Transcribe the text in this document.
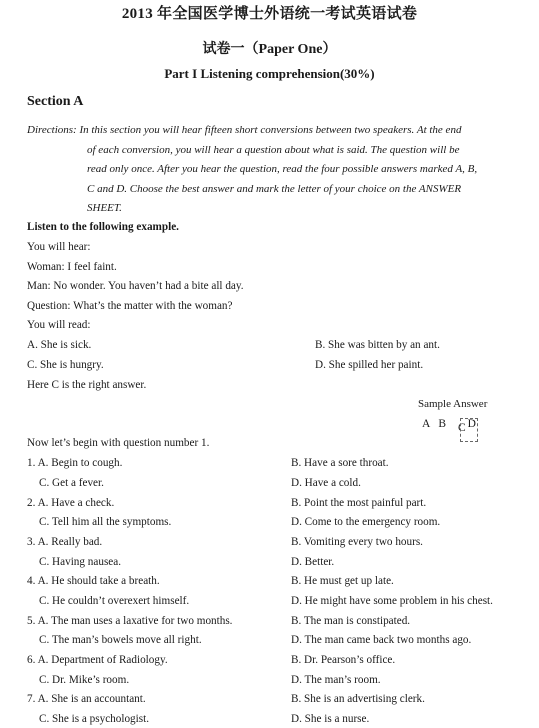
2013 年全国医学博士外语统一考试英语试卷
试卷一（Paper One）
Part I Listening comprehension(30%)
Section A
Directions: In this section you will hear fifteen short conversions between two speakers. At the end
of each conversion, you will hear a question about what is said. The question will be
read only once. After you hear the question, read the four possible answers marked A, B,
C and D. Choose the best answer and mark the letter of your choice on the ANSWER
SHEET.
Listen to the following example.
You will hear:
Woman: I feel faint.
Man: No wonder. You haven’t had a bite all day.
Question: What’s the matter with the woman?
You will read:
A. She is sick.	B. She was bitten by an ant.
C. She is hungry.	D. She spilled her paint.
Here C is the right answer.
Sample Answer
A B C D
Now let’s begin with question number 1.
1. A. Begin to cough.	B. Have a sore throat.
C. Get a fever.	D. Have a cold.
2. A. Have a check.	B. Point the most painful part.
C. Tell him all the symptoms.	D. Come to the emergency room.
3. A. Really bad.	B. Vomiting every two hours.
C. Having nausea.	D. Better.
4. A. He should take a breath.	B. He must get up late.
C. He couldn’t overexert himself.	D. He might have some problem in his chest.
5. A. The man uses a laxative for two months.	B. The man is constipated.
C. The man’s bowels move all right.	D. The man came back two months ago.
6. A. Department of Radiology.	B. Dr. Pearson’s office.
C. Dr. Mike’s room.	D. The man’s room.
7. A. She is an accountant.	B. She is an advertising clerk.
C. She is a psychologist.	D. She is a nurse.
